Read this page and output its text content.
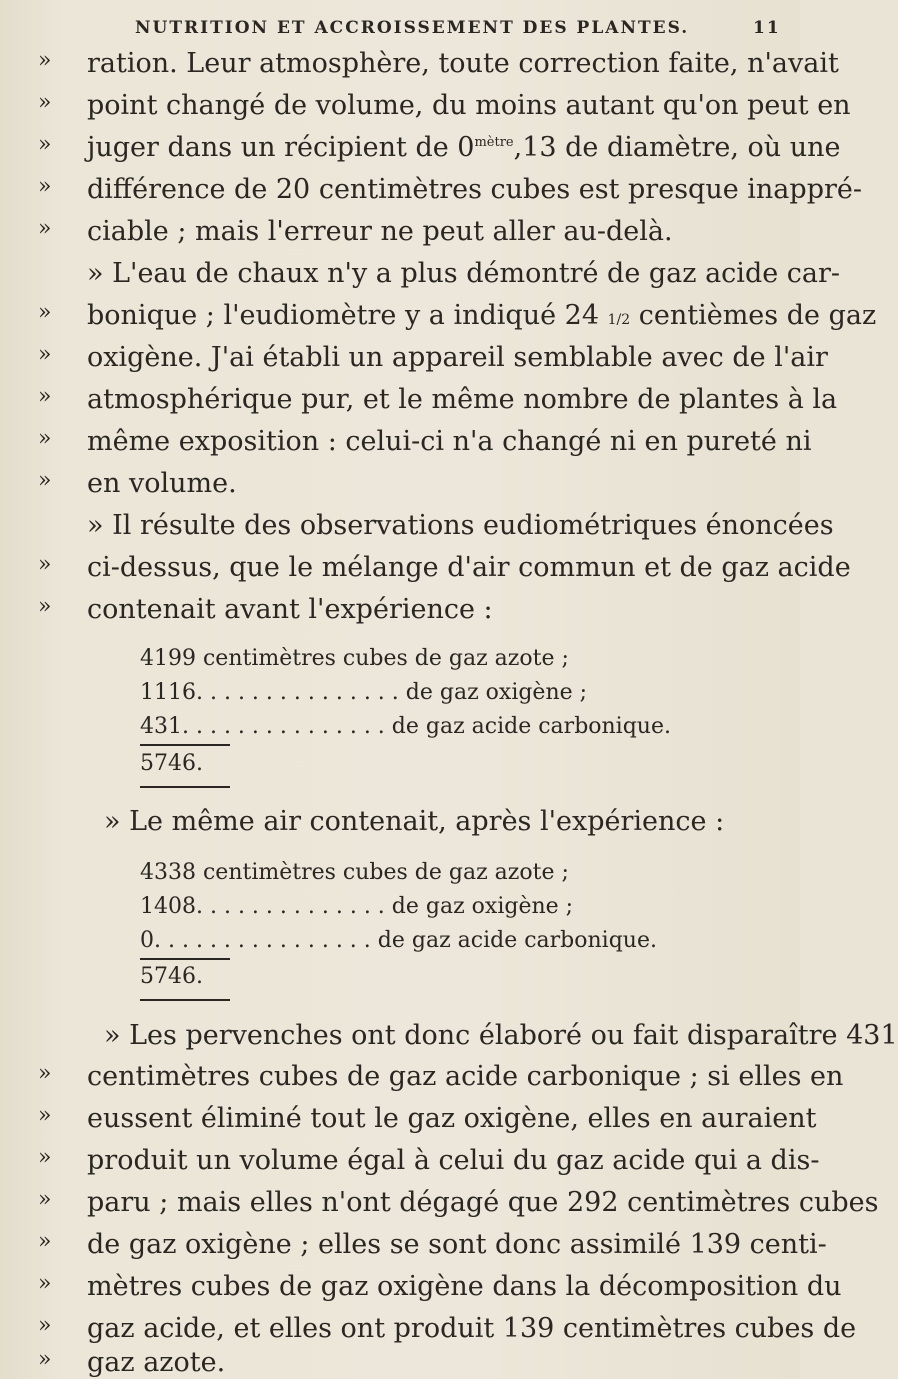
NUTRITION ET ACCROISSEMENT DES PLANTES.	11
»
»
»
»
»
»
»
»
»
»
»
»
»
»
»
»
»
»
»
»
ration. Leur atmosphère, toute correction faite, n'avait
point changé de volume, du moins autant qu'on peut en
juger dans un récipient de $0^{mètre},13$ de diamètre, où une
différence de 20 centimètres cubes est presque inappré-
ciable ; mais l'erreur ne peut aller au-delà.
» L'eau de chaux n'y a plus démontré de gaz acide car-
bonique ; l'eudiomètre y a indiqué 24 1/2 centièmes de gaz
oxigène. J'ai établi un appareil semblable avec de l'air
atmosphérique pur, et le même nombre de plantes à la
même exposition : celui-ci n'a changé ni en pureté ni
en volume.
» Il résulte des observations eudiométriques énoncées
ci-dessus, que le mélange d'air commun et de gaz acide
contenait avant l'expérience :
4199 centimètres cubes de gaz azote ;
1116. . . . . . . . . . . . . . . de gaz oxigène ;
431. . . . . . . . . . . . . . . de gaz acide carbonique.
5746.
» Le même air contenait, après l'expérience :
4338 centimètres cubes de gaz azote ;
1408. . . . . . . . . . . . . . de gaz oxigène ;
0. . . . . . . . . . . . . . . . de gaz acide carbonique.
5746.
» Les pervenches ont donc élaboré ou fait disparaître 431
centimètres cubes de gaz acide carbonique ; si elles en
eussent éliminé tout le gaz oxigène, elles en auraient
produit un volume égal à celui du gaz acide qui a dis-
paru ; mais elles n'ont dégagé que 292 centimètres cubes
de gaz oxigène ; elles se sont donc assimilé 139 centi-
mètres cubes de gaz oxigène dans la décomposition du
gaz acide, et elles ont produit 139 centimètres cubes de
gaz azote.
